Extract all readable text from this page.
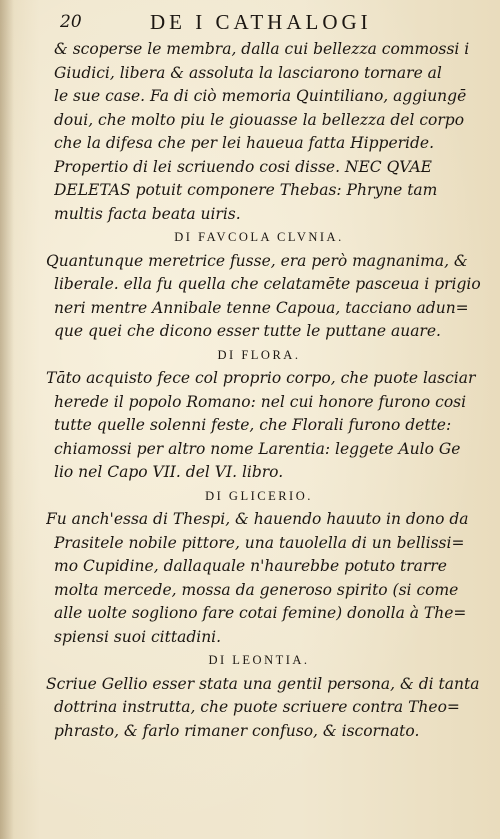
20	DE I CATHALOGI
& scoperse le membra, dalla cui bellezza commossi i
Giudici, libera & assoluta la lasciarono tornare al
le sue case. Fa di ciò memoria Quintiliano, aggiungē
doui, che molto piu le giouasse la bellezza del corpo
che la difesa che per lei haueua fatta Hipperide.
Propertio di lei scriuendo cosi disse. NEC QVAE
DELETAS potuit componere Thebas: Phryne tam
multis facta beata uiris.
DI FAVCOLA CLVNIA.
Quantunque meretrice fusse, era però magnanima, &
liberale. ella fu quella che celatamēte pasceua i prigio
neri mentre Annibale tenne Capoua, tacciano adun=
que quei che dicono esser tutte le puttane auare.
DI FLORA.
Tāto acquisto fece col proprio corpo, che puote lasciar
herede il popolo Romano: nel cui honore furono cosi
tutte quelle solenni feste, che Florali furono dette:
chiamossi per altro nome Larentia: leggete Aulo Ge
lio nel Capo VII. del VI. libro.
DI GLICERIO.
Fu anch'essa di Thespi, & hauendo hauuto in dono da
Prasitele nobile pittore, una tauolella di un bellissi=
mo Cupidine, dallaquale n'haurebbe potuto trarre
molta mercede, mossa da generoso spirito (si come
alle uolte sogliono fare cotai femine) donolla à The=
spiensi suoi cittadini.
DI LEONTIA.
Scriue Gellio esser stata una gentil persona, & di tanta
dottrina instrutta, che puote scriuere contra Theo=
phrasto, & farlo rimaner confuso, & iscornato.
